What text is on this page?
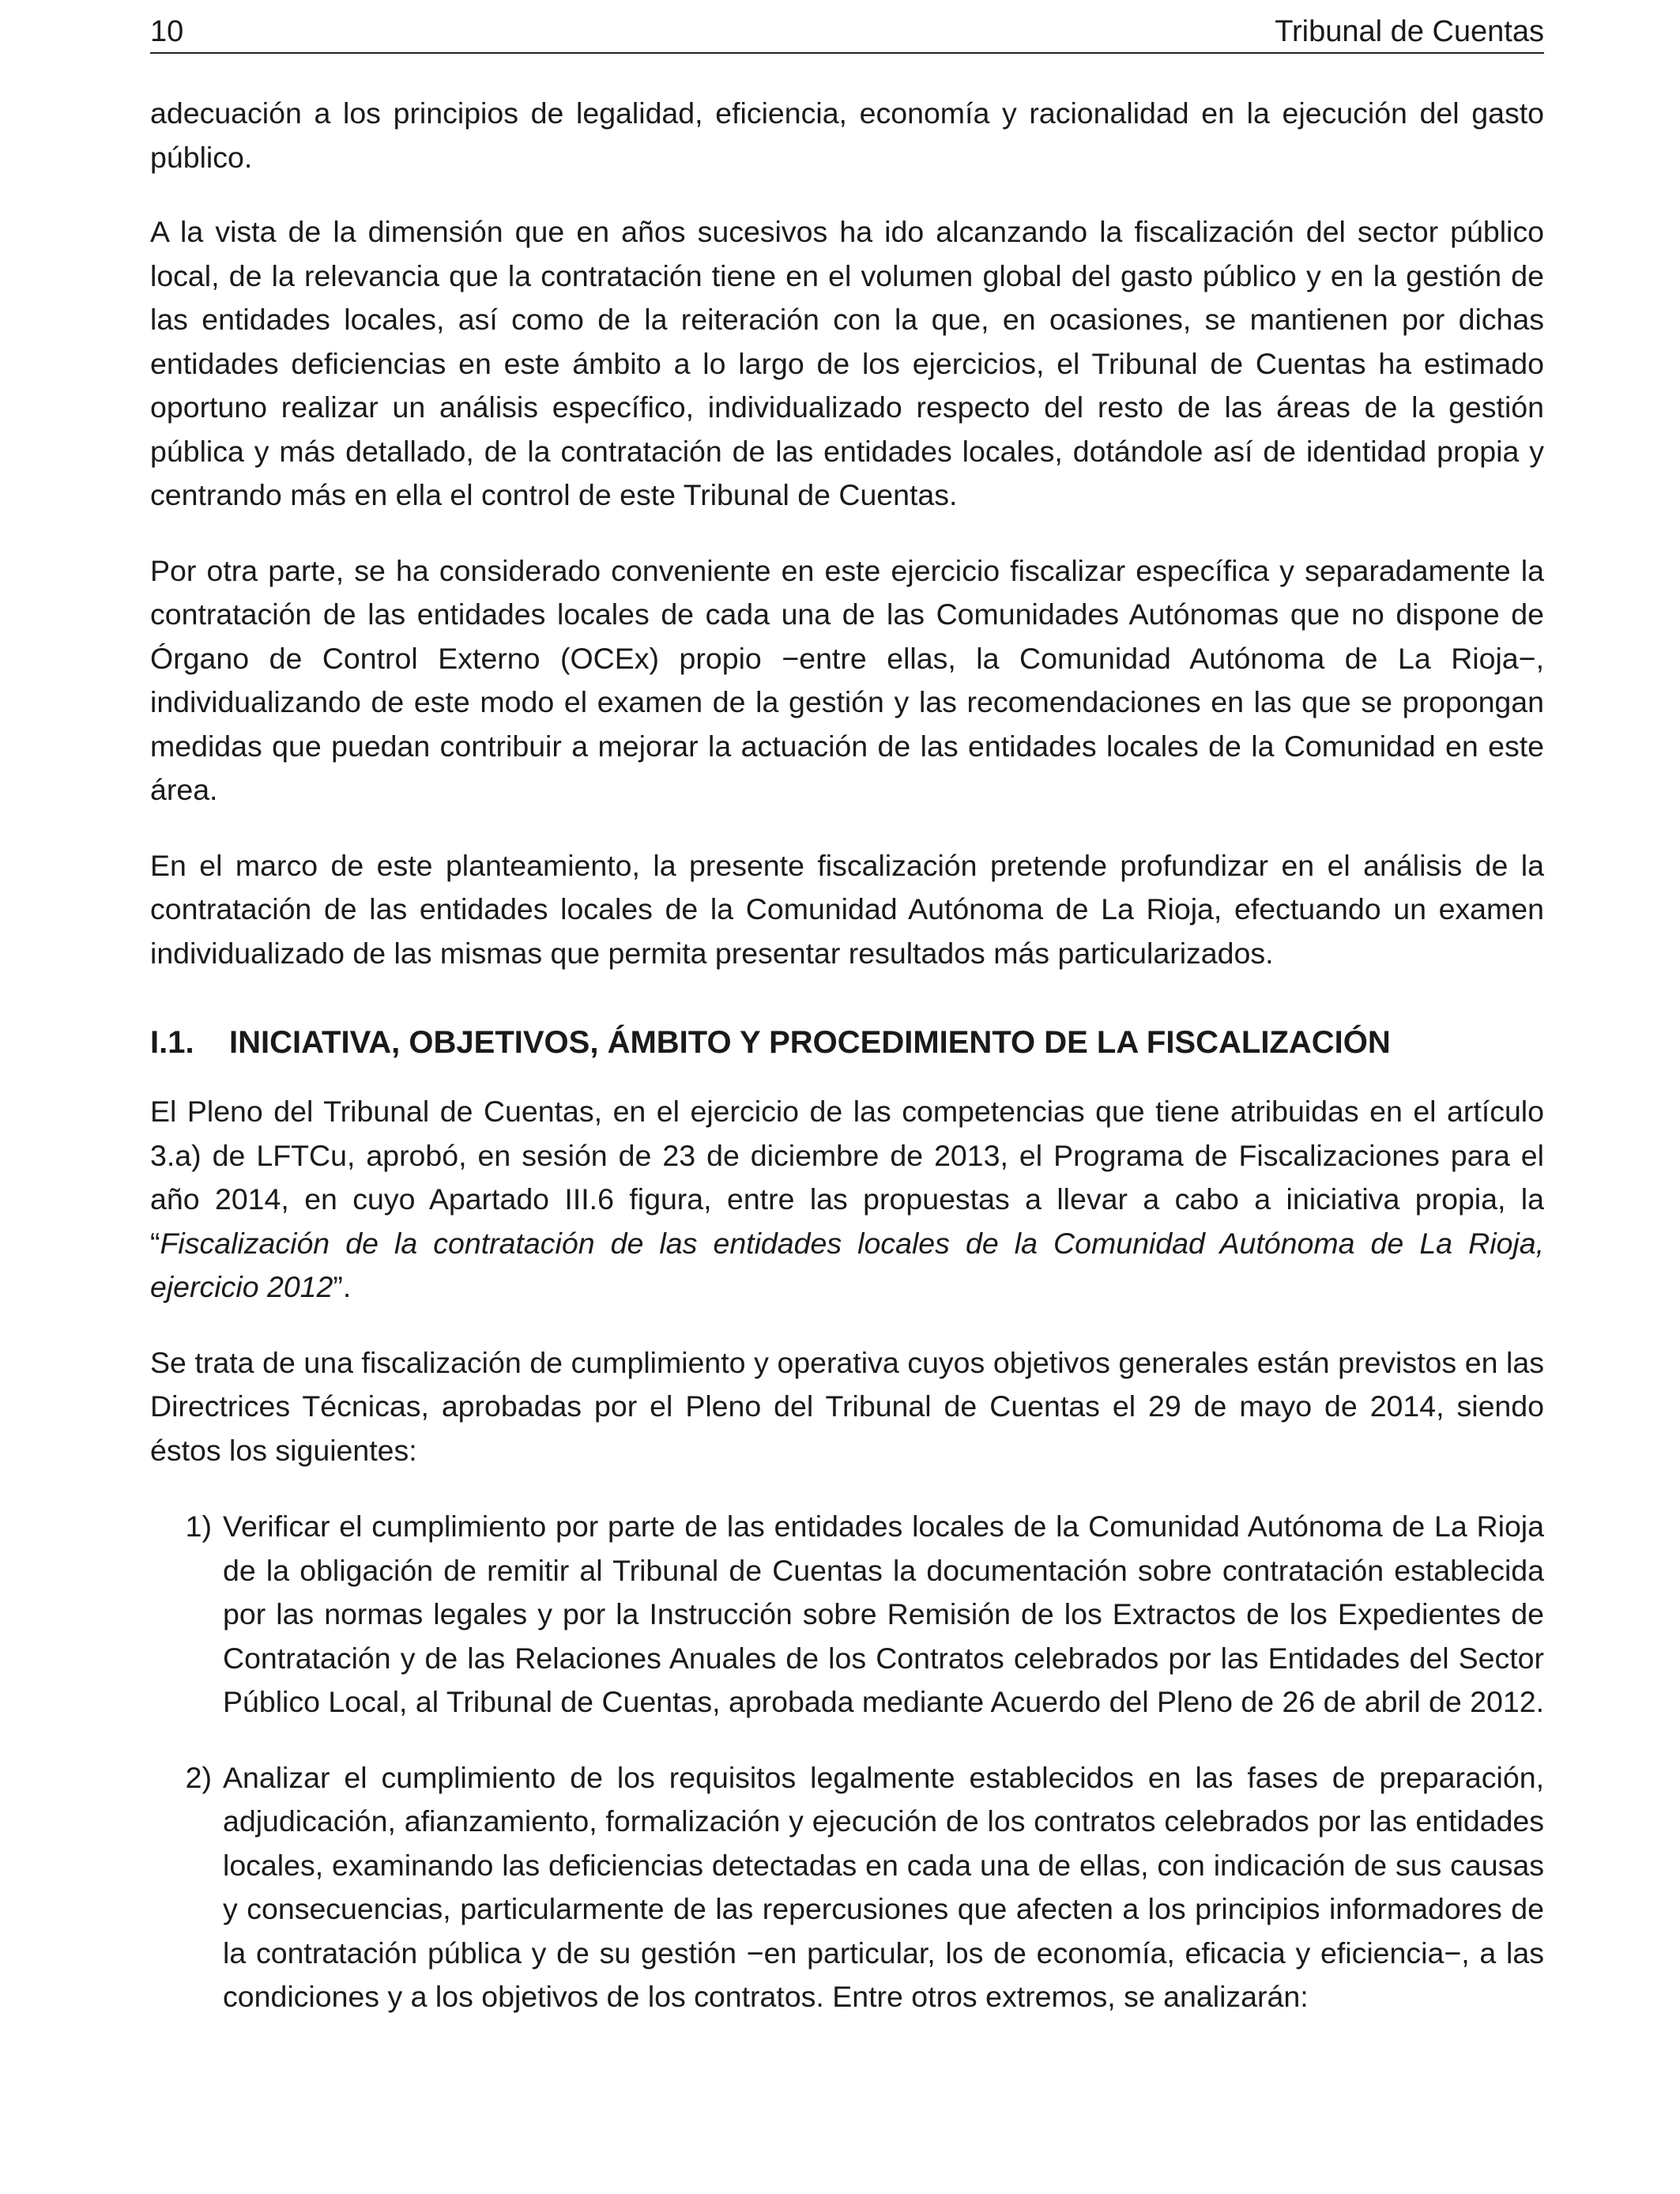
10	Tribunal de Cuentas

adecuación a los principios de legalidad, eficiencia, economía y racionalidad en la ejecución del gasto público.

A la vista de la dimensión que en años sucesivos ha ido alcanzando la fiscalización del sector público local, de la relevancia que la contratación tiene en el volumen global del gasto público y en la gestión de las entidades locales, así como de la reiteración con la que, en ocasiones, se mantienen por dichas entidades deficiencias en este ámbito a lo largo de los ejercicios, el Tribunal de Cuentas ha estimado oportuno realizar un análisis específico, individualizado respecto del resto de las áreas de la gestión pública y más detallado, de la contratación de las entidades locales, dotándole así de identidad propia y centrando más en ella el control de este Tribunal de Cuentas.

Por otra parte, se ha considerado conveniente en este ejercicio fiscalizar específica y separadamente la contratación de las entidades locales de cada una de las Comunidades Autónomas que no dispone de Órgano de Control Externo (OCEx) propio −entre ellas, la Comunidad Autónoma de La Rioja−, individualizando de este modo el examen de la gestión y las recomendaciones en las que se propongan medidas que puedan contribuir a mejorar la actuación de las entidades locales de la Comunidad en este área.

En el marco de este planteamiento, la presente fiscalización pretende profundizar en el análisis de la contratación de las entidades locales de la Comunidad Autónoma de La Rioja, efectuando un examen individualizado de las mismas que permita presentar resultados más particularizados.

I.1.	INICIATIVA, OBJETIVOS, ÁMBITO Y PROCEDIMIENTO DE LA FISCALIZACIÓN

El Pleno del Tribunal de Cuentas, en el ejercicio de las competencias que tiene atribuidas en el artículo 3.a) de LFTCu, aprobó, en sesión de 23 de diciembre de 2013, el Programa de Fiscalizaciones para el año 2014, en cuyo Apartado III.6 figura, entre las propuestas a llevar a cabo a iniciativa propia, la “Fiscalización de la contratación de las entidades locales de la Comunidad Autónoma de La Rioja, ejercicio 2012”.

Se trata de una fiscalización de cumplimiento y operativa cuyos objetivos generales están previstos en las Directrices Técnicas, aprobadas por el Pleno del Tribunal de Cuentas el 29 de mayo de 2014, siendo éstos los siguientes:

1) Verificar el cumplimiento por parte de las entidades locales de la Comunidad Autónoma de La Rioja de la obligación de remitir al Tribunal de Cuentas la documentación sobre contratación establecida por las normas legales y por la Instrucción sobre Remisión de los Extractos de los Expedientes de Contratación y de las Relaciones Anuales de los Contratos celebrados por las Entidades del Sector Público Local, al Tribunal de Cuentas, aprobada mediante Acuerdo del Pleno de 26 de abril de 2012.

2) Analizar el cumplimiento de los requisitos legalmente establecidos en las fases de preparación, adjudicación, afianzamiento, formalización y ejecución de los contratos celebrados por las entidades locales, examinando las deficiencias detectadas en cada una de ellas, con indicación de sus causas y consecuencias, particularmente de las repercusiones que afecten a los principios informadores de la contratación pública y de su gestión −en particular, los de economía, eficacia y eficiencia−, a las condiciones y a los objetivos de los contratos. Entre otros extremos, se analizarán:
